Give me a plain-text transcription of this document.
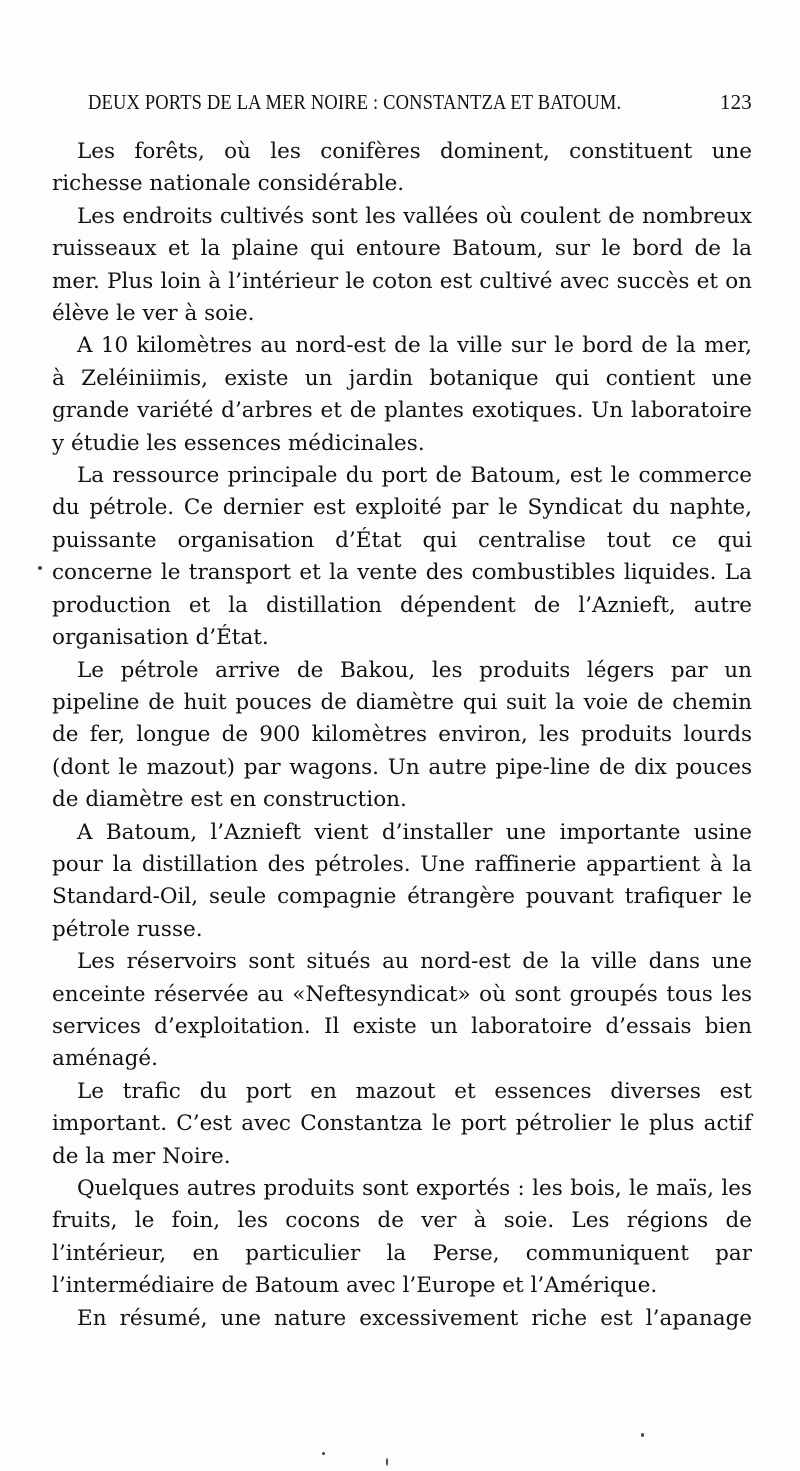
DEUX PORTS DE LA MER NOIRE : CONSTANTZA ET BATOUM.	123

Les forêts, où les conifères dominent, constituent une richesse nationale considérable.

Les endroits cultivés sont les vallées où coulent de nombreux ruisseaux et la plaine qui entoure Batoum, sur le bord de la mer. Plus loin à l’intérieur le coton est cultivé avec succès et on élève le ver à soie.

A 10 kilomètres au nord-est de la ville sur le bord de la mer, à Zeléiniimis, existe un jardin botanique qui contient une grande variété d’arbres et de plantes exotiques. Un laboratoire y étudie les essences médicinales.

La ressource principale du port de Batoum, est le commerce du pétrole. Ce dernier est exploité par le Syndicat du naphte, puissante organisation d’État qui centralise tout ce qui concerne le transport et la vente des combustibles liquides. La production et la distillation dépendent de l’Aznieft, autre organisation d’État.

Le pétrole arrive de Bakou, les produits légers par un pipeline de huit pouces de diamètre qui suit la voie de chemin de fer, longue de 900 kilomètres environ, les produits lourds (dont le mazout) par wagons. Un autre pipe-line de dix pouces de diamètre est en construction.

A Batoum, l’Aznieft vient d’installer une importante usine pour la distillation des pétroles. Une raffinerie appartient à la Standard-Oil, seule compagnie étrangère pouvant trafiquer le pétrole russe.

Les réservoirs sont situés au nord-est de la ville dans une enceinte réservée au «Neftesyndicat» où sont groupés tous les services d’exploitation. Il existe un laboratoire d’essais bien aménagé.

Le trafic du port en mazout et essences diverses est important. C’est avec Constantza le port pétrolier le plus actif de la mer Noire.

Quelques autres produits sont exportés : les bois, le maïs, les fruits, le foin, les cocons de ver à soie. Les régions de l’intérieur, en particulier la Perse, communiquent par l’intermédiaire de Batoum avec l’Europe et l’Amérique.

En résumé, une nature excessivement riche est l’apanage
